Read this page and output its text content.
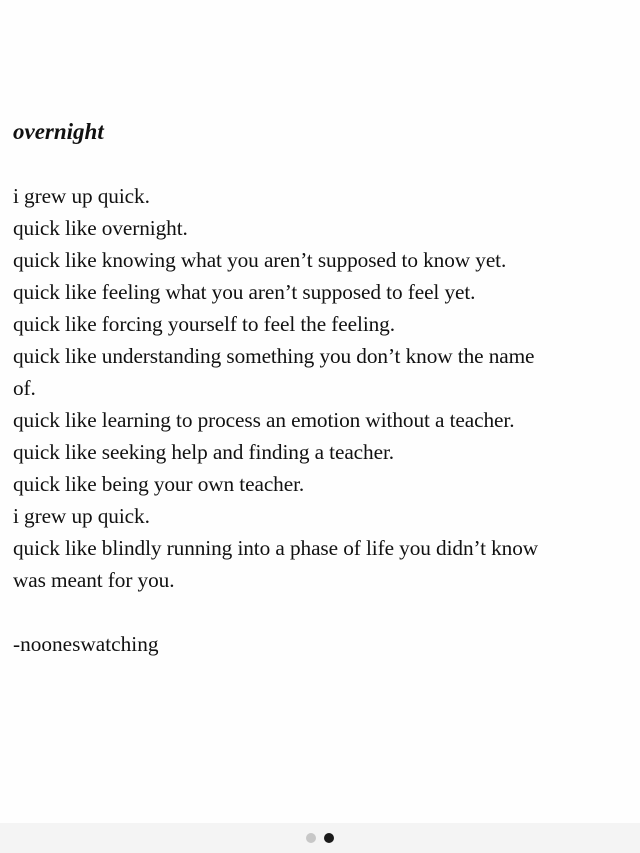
overnight
i grew up quick.
quick like overnight.
quick like knowing what you aren’t supposed to know yet.
quick like feeling what you aren’t supposed to feel yet.
quick like forcing yourself to feel the feeling.
quick like understanding something you don’t know the name
of.
quick like learning to process an emotion without a teacher.
quick like seeking help and finding a teacher.
quick like being your own teacher.
i grew up quick.
quick like blindly running into a phase of life you didn’t know
was meant for you.
-nooneswatching
